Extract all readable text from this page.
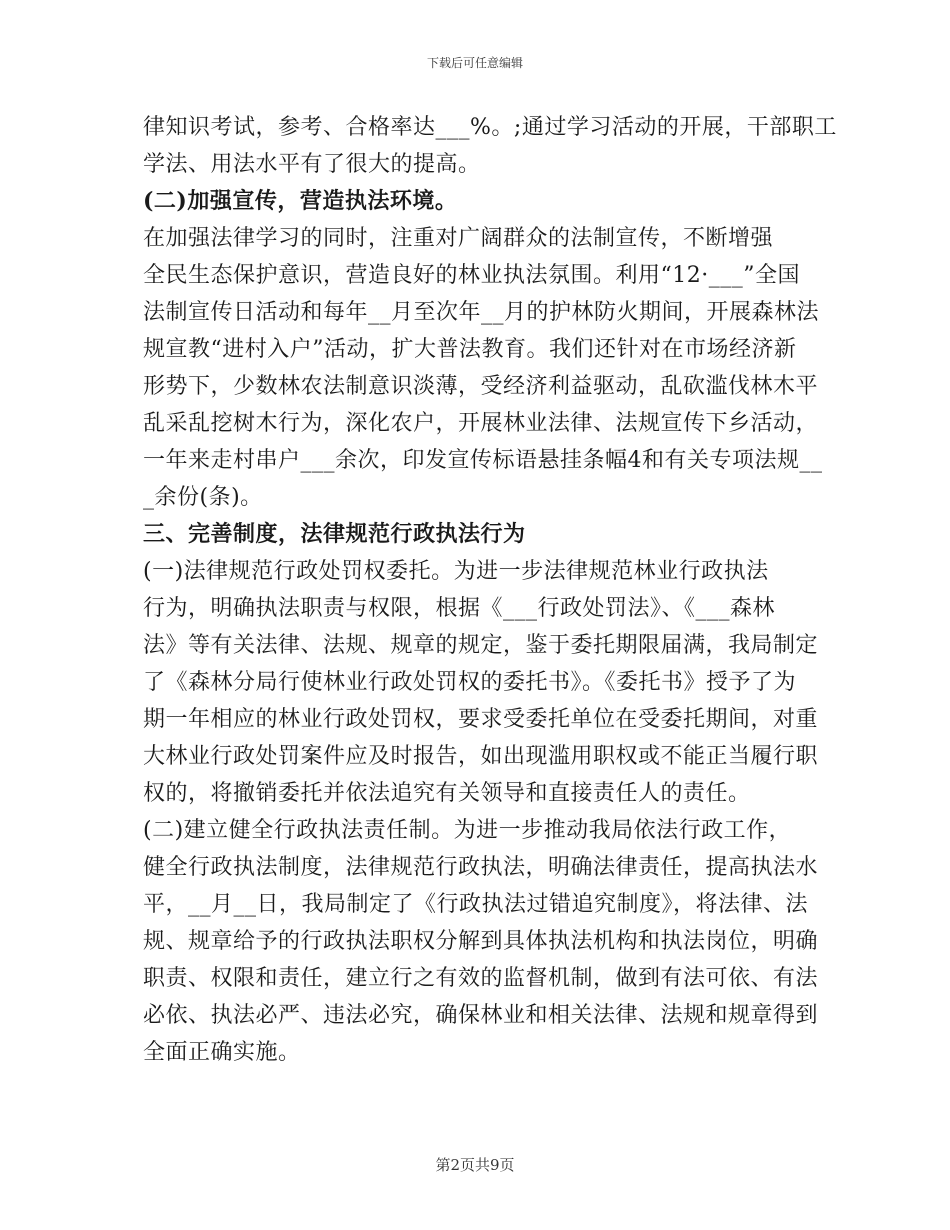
下载后可任意编辑
律知识考试，参考、合格率达___%。;通过学习活动的开展，干部职工
学法、用法水平有了很大的提高。
(二)加强宣传，营造执法环境。
在加强法律学习的同时，注重对广阔群众的法制宣传，不断增强
全民生态保护意识，营造良好的林业执法氛围。利用“12·___”全国
法制宣传日活动和每年__月至次年__月的护林防火期间，开展森林法
规宣教“进村入户”活动，扩大普法教育。我们还针对在市场经济新
形势下，少数林农法制意识淡薄，受经济利益驱动，乱砍滥伐林木平
乱采乱挖树木行为，深化农户，开展林业法律、法规宣传下乡活动，
一年来走村串户___余次，印发宣传标语悬挂条幅4和有关专项法规__
_余份(条)。
三、完善制度，法律规范行政执法行为
(一)法律规范行政处罚权委托。为进一步法律规范林业行政执法
行为，明确执法职责与权限，根据《___行政处罚法》、《___森林
法》等有关法律、法规、规章的规定，鉴于委托期限届满，我局制定
了《森林分局行使林业行政处罚权的委托书》。《委托书》授予了为
期一年相应的林业行政处罚权，要求受委托单位在受委托期间，对重
大林业行政处罚案件应及时报告，如出现滥用职权或不能正当履行职
权的，将撤销委托并依法追究有关领导和直接责任人的责任。
(二)建立健全行政执法责任制。为进一步推动我局依法行政工作，
健全行政执法制度，法律规范行政执法，明确法律责任，提高执法水
平，__月__日，我局制定了《行政执法过错追究制度》，将法律、法
规、规章给予的行政执法职权分解到具体执法机构和执法岗位，明确
职责、权限和责任，建立行之有效的监督机制，做到有法可依、有法
必依、执法必严、违法必究，确保林业和相关法律、法规和规章得到
全面正确实施。
第2页共9页
